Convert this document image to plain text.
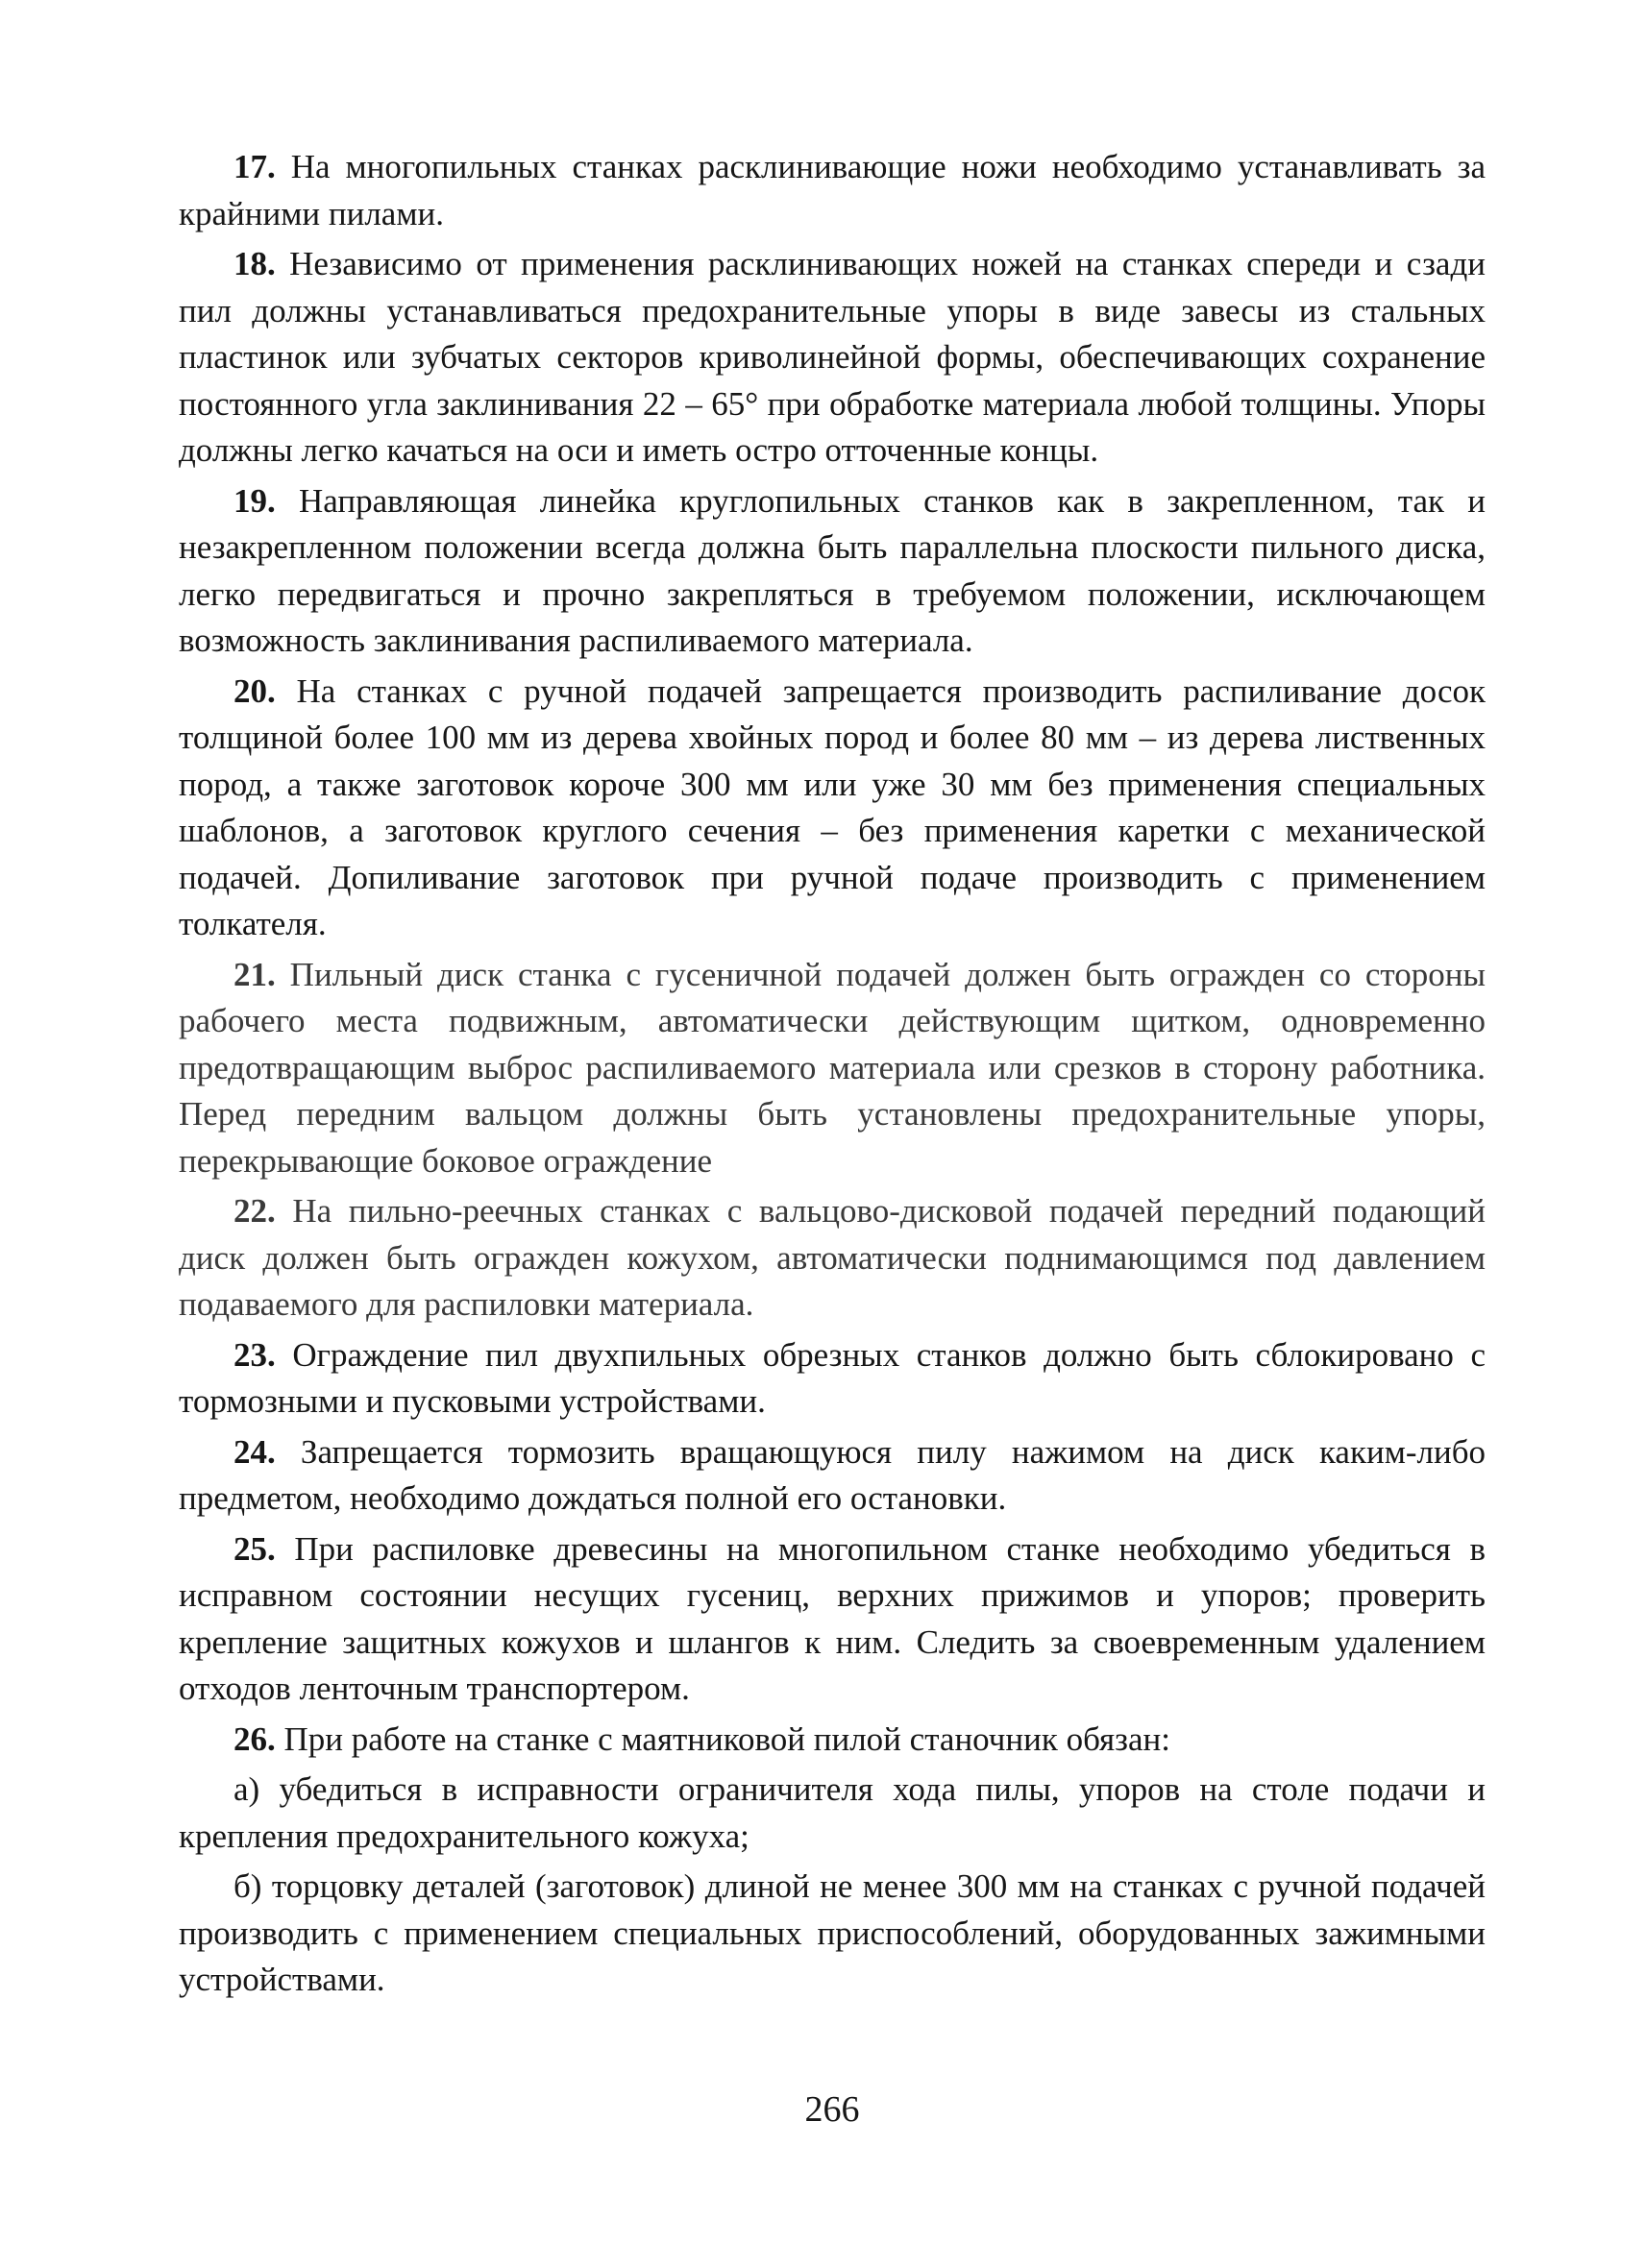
17. На многопильных станках расклинивающие ножи необходимо устанавливать за крайними пилами.

18. Независимо от применения расклинивающих ножей на станках спереди и сзади пил должны устанавливаться предохранительные упоры в виде завесы из стальных пластинок или зубчатых секторов криволинейной формы, обеспечивающих сохранение постоянного угла заклинивания 22 – 65° при обработке материала любой толщины. Упоры должны легко качаться на оси и иметь остро отточенные концы.

19. Направляющая линейка круглопильных станков как в закрепленном, так и незакрепленном положении всегда должна быть параллельна плоскости пильного диска, легко передвигаться и прочно закрепляться в требуемом положении, исключающем возможность заклинивания распиливаемого материала.

20. На станках с ручной подачей запрещается производить распиливание досок толщиной более 100 мм из дерева хвойных пород и более 80 мм – из дерева лиственных пород, а также заготовок короче 300 мм или уже 30 мм без применения специальных шаблонов, а заготовок круглого сечения – без применения каретки с механической подачей. Допиливание заготовок при ручной подаче производить с применением толкателя.

21. Пильный диск станка с гусеничной подачей должен быть огражден со стороны рабочего места подвижным, автоматически действующим щитком, одновременно предотвращающим выброс распиливаемого материала или срезков в сторону работника. Перед передним вальцом должны быть установлены предохранительные упоры, перекрывающие боковое ограждение

22. На пильно-реечных станках с вальцово-дисковой подачей передний подающий диск должен быть огражден кожухом, автоматически поднимающимся под давлением подаваемого для распиловки материала.

23. Ограждение пил двухпильных обрезных станков должно быть сблокировано с тормозными и пусковыми устройствами.

24. Запрещается тормозить вращающуюся пилу нажимом на диск каким-либо предметом, необходимо дождаться полной его остановки.

25. При распиловке древесины на многопильном станке необходимо убедиться в исправном состоянии несущих гусениц, верхних прижимов и упоров; проверить крепление защитных кожухов и шлангов к ним. Следить за своевременным удалением отходов ленточным транспортером.

26. При работе на станке с маятниковой пилой станочник обязан:

а) убедиться в исправности ограничителя хода пилы, упоров на столе подачи и крепления предохранительного кожуха;

б) торцовку деталей (заготовок) длиной не менее 300 мм на станках с ручной подачей производить с применением специальных приспособлений, оборудованных зажимными устройствами.

266
